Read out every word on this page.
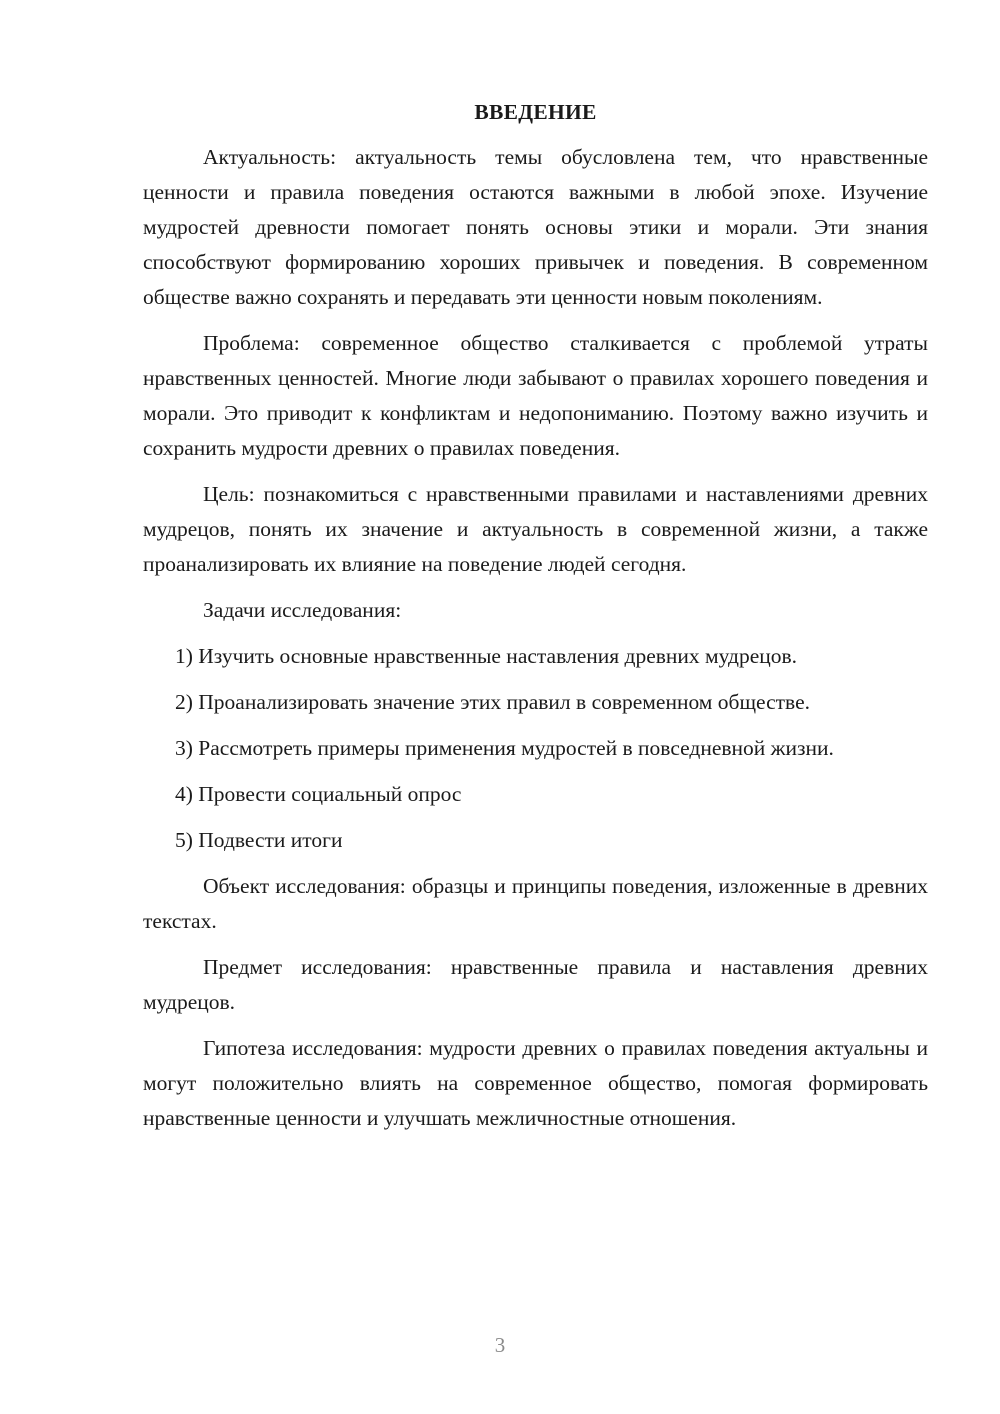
ВВЕДЕНИЕ

Актуальность: актуальность темы обусловлена тем, что нравственные ценности и правила поведения остаются важными в любой эпохе. Изучение мудростей древности помогает понять основы этики и морали. Эти знания способствуют формированию хороших привычек и поведения. В современном обществе важно сохранять и передавать эти ценности новым поколениям.

Проблема: современное общество сталкивается с проблемой утраты нравственных ценностей. Многие люди забывают о правилах хорошего поведения и морали. Это приводит к конфликтам и недопониманию. Поэтому важно изучить и сохранить мудрости древних о правилах поведения.

Цель: познакомиться с нравственными правилами и наставлениями древних мудрецов, понять их значение и актуальность в современной жизни, а также проанализировать их влияние на поведение людей сегодня.

Задачи исследования:

1) Изучить основные нравственные наставления древних мудрецов.

2) Проанализировать значение этих правил в современном обществе.

3) Рассмотреть примеры применения мудростей в повседневной жизни.

4) Провести социальный опрос

5) Подвести итоги

Объект исследования: образцы и принципы поведения, изложенные в древних текстах.

Предмет исследования: нравственные правила и наставления древних мудрецов.

Гипотеза исследования: мудрости древних о правилах поведения актуальны и могут положительно влиять на современное общество, помогая формировать нравственные ценности и улучшать межличностные отношения.

3
